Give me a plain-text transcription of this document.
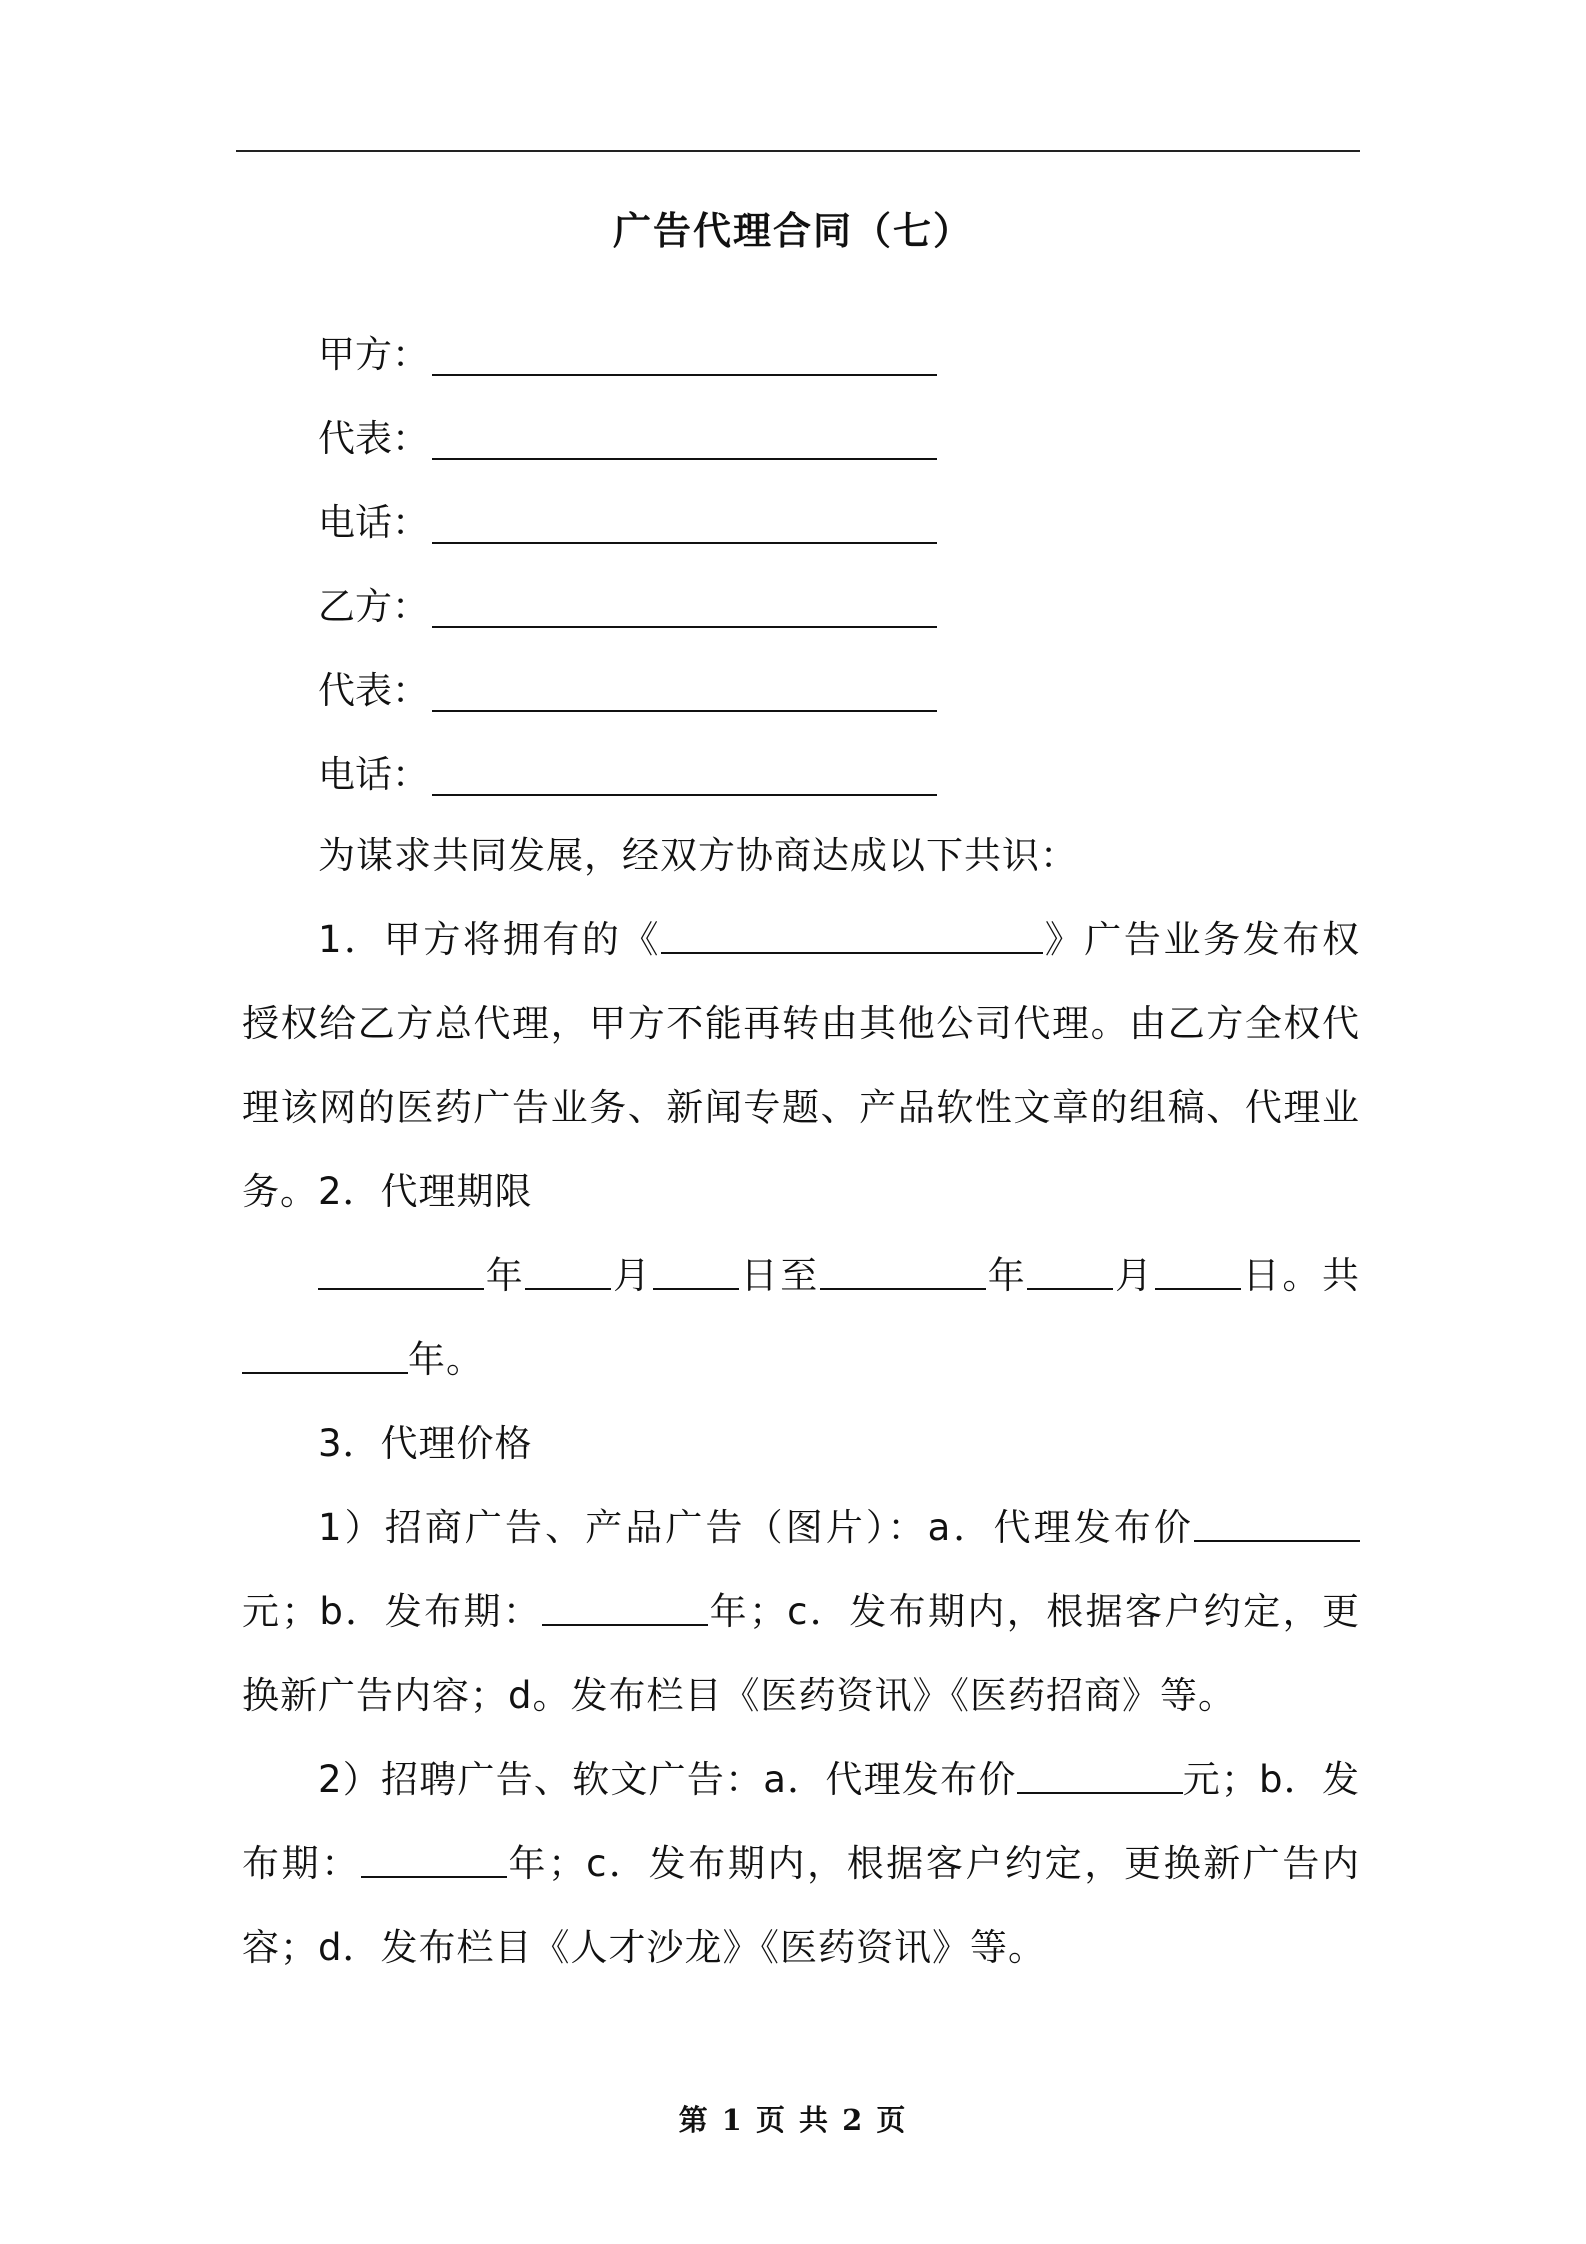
广告代理合同（七）
甲方：
代表：
电话：
乙方：
代表：
电话：
为谋求共同发展，经双方协商达成以下共识：
1．甲方将拥有的《	》广告业务发布权授权给乙方总代理，甲方不能再转由其他公司代理。由乙方全权代理该网的医药广告业务、新闻专题、产品软性文章的组稿、代理业务。 2．代理期限
年 月 日至	年 月 日。共年。
3．代理价格
1）招商广告、产品广告（图片）：a．代理发布价元；b．发布期：	年；c．发布期内，根据客户约定，更换新广告内容；d。发布栏目《医药资讯》《医药招商》等。
2）招聘广告、软文广告：a．代理发布价	元；b．发布期：	年；c．发布期内，根据客户约定，更换新广告内容；d．发布栏目《人才沙龙》《医药资讯》等。
第 1 页 共 2 页
